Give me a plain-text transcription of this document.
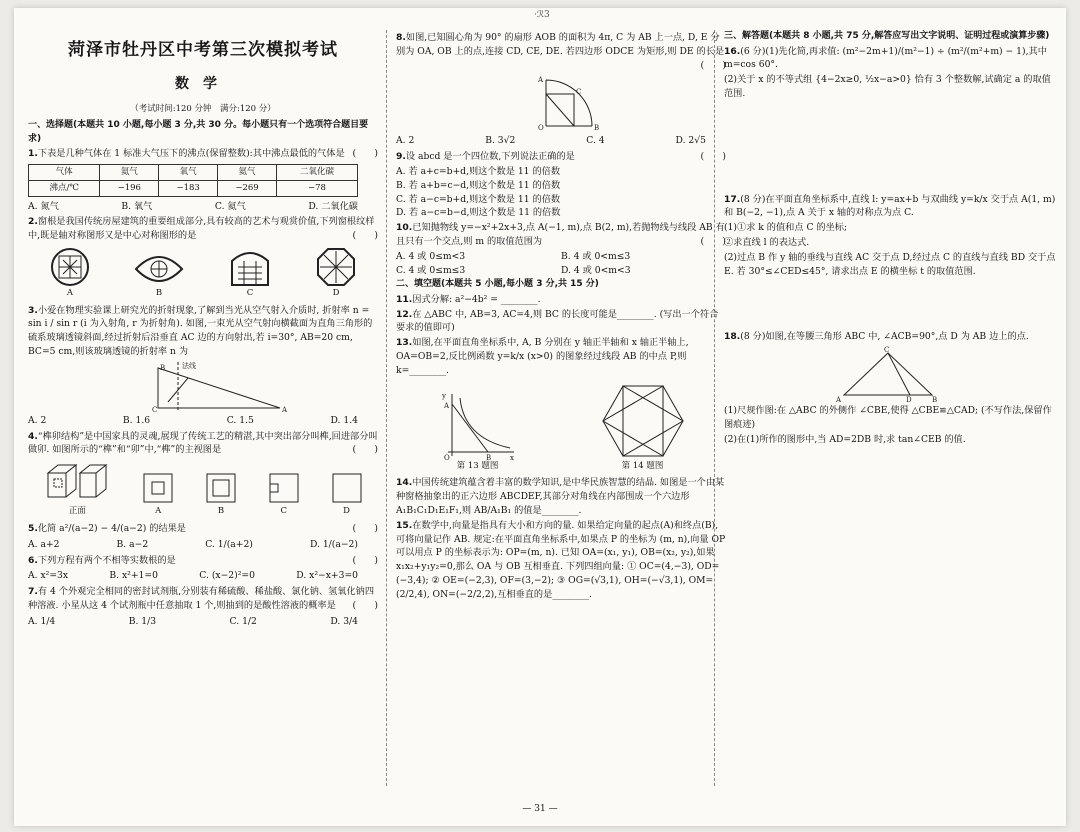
·ℛ3
菏泽市牡丹区中考第三次模拟考试
数学
（考试时间:120 分钟　满分:120 分）
一、选择题(本题共 10 小题,每小题 3 分,共 30 分。每小题只有一个选项符合题目要求)
1.下表是几种气体在 1 标准大气压下的沸点(保留整数):其中沸点最低的气体是 (　　)
气体	氦气	氧气	氦气	二氧化碳
沸点/℃	−196	−183	−269	−78
A. 氮气	B. 氧气	C. 氦气	D. 二氧化碳
2.窗根是我国传统房屋建筑的重要组成部分,具有较高的艺术与观赏价值,下列窗根纹样中,既是轴对称图形又是中心对称图形的是	(　　)
A	B	C	D
3.小爱在物理实验课上研究光的折射现象,了解到当光从空气射入介质时, 折射率 n = sin i / sin r (i 为入射角, r 为折射角). 如图,一束光从空气射向横截面为直角三角形的硫系玻璃透镜斜面,经过折射后沿垂直 AC 边的方向射出,若 i=30°, AB=20 cm, BC=5 cm,则该玻璃透镜的折射率 n 为
B
C	A
法线
A. 2	B. 1.6	C. 1.5	D. 1.4
4.“榫卯结构”是中国家具的灵魂,展现了传统工艺的精湛,其中突出部分叫榫,回进部分叫做卯. 如图所示的“榫”和“卯”中,“榫”的主视图是	(　　)
正面	A	B	C	D
5.化简 a²/(a−2) − 4/(a−2) 的结果是	(　　)
A. a+2	B. a−2	C. 1/(a+2)	D. 1/(a−2)
6.下列方程有两个不相等实数根的是	(　　)
A. x²=3x	B. x²+1=0	C. (x−2)²=0	D. x²−x+3=0
7.有 4 个外观完全相同的密封试剂瓶,分别装有稀硫酸、稀盐酸、氯化钠、氢氧化钠四种溶液. 小星从这 4 个试剂瓶中任意抽取 1 个,则抽到的是酸性溶液的概率是 (　　)
A. 1/4	B. 1/3	C. 1/2	D. 3/4
8.如图,已知圆心角为 90° 的扇形 AOB 的面积为 4π, C 为 AB 上一点, D, E 分别为 OA, OB 上的点,连接 CD, CE, DE. 若四边形 ODCE 为矩形,则 DE 的长是
(　　)
A
O	B
C
A. 2	B. 3√2	C. 4	D. 2√5
9.设 abcd 是一个四位数,下列说法正确的是	(　　)
A. 若 a+c=b+d,则这个数是 11 的倍数
B. 若 a+b=c−d,则这个数是 11 的倍数
C. 若 a−c=b+d,则这个数是 11 的倍数
D. 若 a−c=b−d,则这个数是 11 的倍数
10.已知抛物线 y=−x²+2x+3,点 A(−1, m),点 B(2, m),若抛物线与线段 AB 有且只有一个交点,则 m 的取值范围为	(　　)
A. 4 或 0≤m<3	B. 4 或 0<m≤3
C. 4 或 0≤m≤3	D. 4 或 0<m<3
二、填空题(本题共 5 小题,每小题 3 分,共 15 分)
11.因式分解: a²−4b² = ________.
12.在 △ABC 中, AB=3, AC=4,则 BC 的长度可能是________. (写出一个符合要求的值即可)
13.如图,在平面直角坐标系中, A, B 分别在 y 轴正半轴和 x 轴正半轴上, OA=OB=2,反比例函数 y=k/x (x>0) 的图象经过线段 AB 的中点 P,则 k=________.
y
x
A
B
O
第 13 题图	第 14 题图
14.中国传统建筑蕴含着丰富的数学知识,是中华民族智慧的结晶. 如图是一个由某种窗格抽象出的正六边形 ABCDEF,其部分对角线在内部围成一个六边形 A₁B₁C₁D₁E₁F₁,则 AB/A₁B₁ 的值是________.
15.在数学中,向量是指具有大小和方向的量. 如果给定向量的起点(A)和终点(B),可将向量记作 AB. 规定:在平面直角坐标系中,如果点 P 的坐标为 (m, n),向量 OP 可以用点 P 的坐标表示为: OP=(m, n). 已知 OA=(x₁, y₁), OB=(x₂, y₂),如果 x₁x₂+y₁y₂=0,那么 OA 与 OB 互相垂直. 下列四组向量: ① OC=(4,−3), OD=(−3,4); ② OE=(−2,3), OF=(3,−2); ③ OG=(√3,1), OH=(−√3,1), OM=(2/2,4), ON=(−2/2,2),互相垂直的是________.
三、解答题(本题共 8 小题,共 75 分,解答应写出文字说明、证明过程或演算步骤)
16.(6 分)(1)先化简,再求值: (m²−2m+1)/(m²−1) ÷ (m²/(m²+m) − 1),其中 m=cos 60°.
(2)关于 x 的不等式组 {4−2x≥0, ½x−a>0} 恰有 3 个整数解,试确定 a 的取值范围.
17.(8 分)在平面直角坐标系中,直线 l: y=ax+b 与双曲线 y=k/x 交于点 A(1, m) 和 B(−2, −1),点 A 关于 x 轴的对称点为点 C.
(1)①求 k 的值和点 C 的坐标;
②求直线 l 的表达式.
(2)过点 B 作 y 轴的垂线与直线 AC 交于点 D,经过点 C 的直线与直线 BD 交于点 E. 若 30°≤∠CED≤45°, 请求出点 E 的横坐标 t 的取值范围.
18.(8 分)如图,在等腰三角形 ABC 中, ∠ACB=90°,点 D 为 AB 边上的点.
C
A	D	B
(1)尺规作图:在 △ABC 的外侧作 ∠CBE,使得 △CBE≌△CAD; (不写作法,保留作图痕迹)
(2)在(1)所作的图形中,当 AD=2DB 时,求 tan∠CEB 的值.
— 31 —
